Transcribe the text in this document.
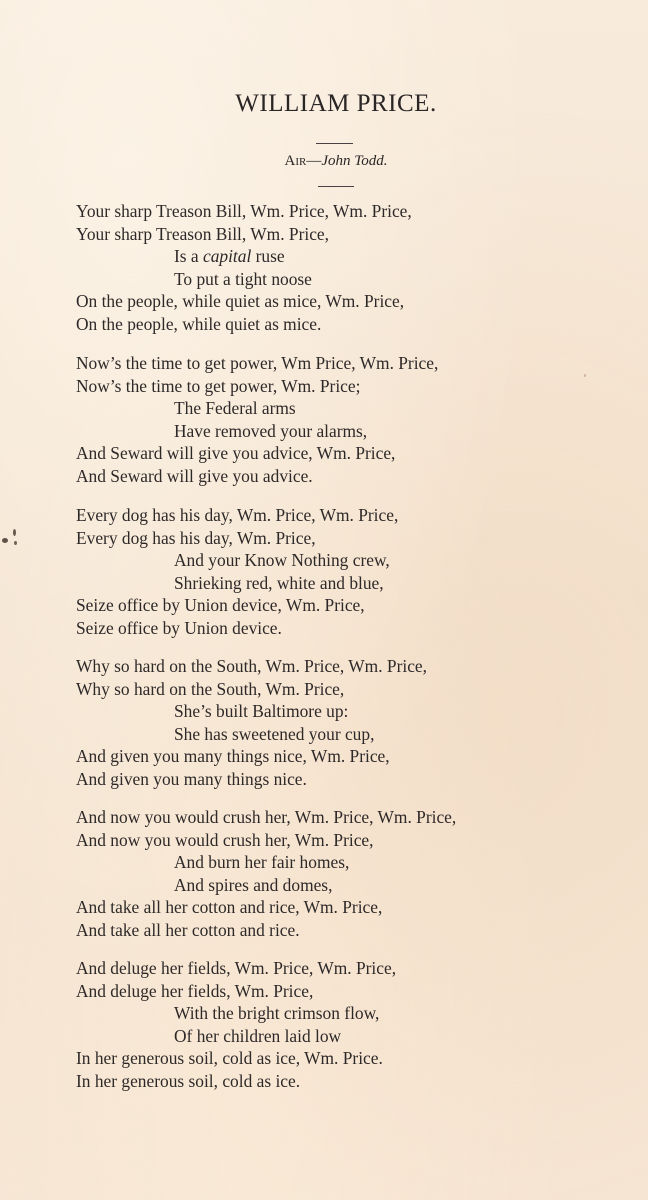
WILLIAM PRICE.
Air—John Todd.
Your sharp Treason Bill, Wm. Price, Wm. Price,
Your sharp Treason Bill, Wm. Price,
Is a capital ruse
To put a tight noose
On the people, while quiet as mice, Wm. Price,
On the people, while quiet as mice.
Now’s the time to get power, Wm Price, Wm. Price,
Now’s the time to get power, Wm. Price;
The Federal arms
Have removed your alarms,
And Seward will give you advice, Wm. Price,
And Seward will give you advice.
Every dog has his day, Wm. Price, Wm. Price,
Every dog has his day, Wm. Price,
And your Know Nothing crew,
Shrieking red, white and blue,
Seize office by Union device, Wm. Price,
Seize office by Union device.
Why so hard on the South, Wm. Price, Wm. Price,
Why so hard on the South, Wm. Price,
She’s built Baltimore up:
She has sweetened your cup,
And given you many things nice, Wm. Price,
And given you many things nice.
And now you would crush her, Wm. Price, Wm. Price,
And now you would crush her, Wm. Price,
And burn her fair homes,
And spires and domes,
And take all her cotton and rice, Wm. Price,
And take all her cotton and rice.
And deluge her fields, Wm. Price, Wm. Price,
And deluge her fields, Wm. Price,
With the bright crimson flow,
Of her children laid low
In her generous soil, cold as ice, Wm. Price.
In her generous soil, cold as ice.
